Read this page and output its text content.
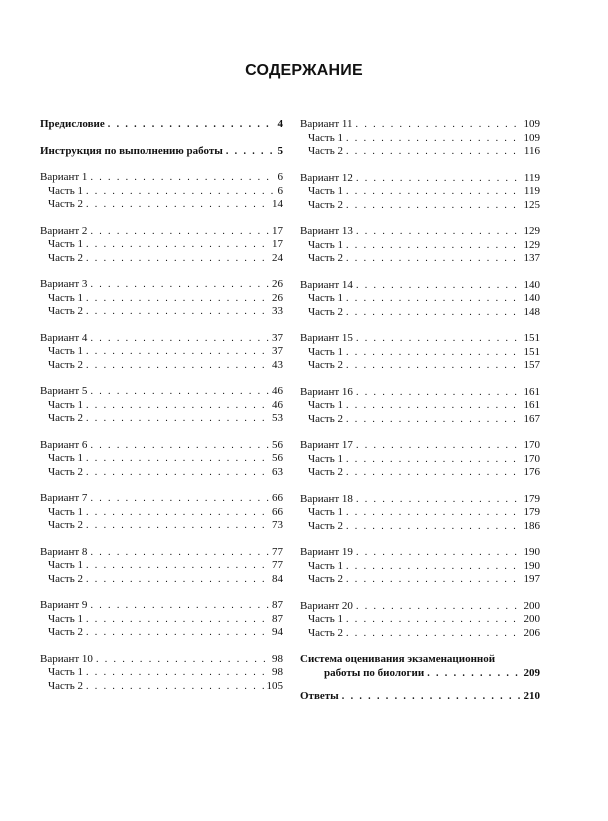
СОДЕРЖАНИЕ
Предисловие . . .	4
Инструкция по выполнению работы . . .	5
Вариант 1 . . .	6
Часть 1 . . .	6
Часть 2 . . .	14
Вариант 2 . . .	17
Часть 1 . . .	17
Часть 2 . . .	24
Вариант 3 . . .	26
Часть 1 . . .	26
Часть 2 . . .	33
Вариант 4 . . .	37
Часть 1 . . .	37
Часть 2 . . .	43
Вариант 5 . . .	46
Часть 1 . . .	46
Часть 2 . . .	53
Вариант 6 . . .	56
Часть 1 . . .	56
Часть 2 . . .	63
Вариант 7 . . .	66
Часть 1 . . .	66
Часть 2 . . .	73
Вариант 8 . . .	77
Часть 1 . . .	77
Часть 2 . . .	84
Вариант 9 . . .	87
Часть 1 . . .	87
Часть 2 . . .	94
Вариант 10 . . .	98
Часть 1 . . .	98
Часть 2 . . .	105
Вариант 11 . . .	109
Часть 1 . . .	109
Часть 2 . . .	116
Вариант 12 . . .	119
Часть 1 . . .	119
Часть 2 . . .	125
Вариант 13 . . .	129
Часть 1 . . .	129
Часть 2 . . .	137
Вариант 14 . . .	140
Часть 1 . . .	140
Часть 2 . . .	148
Вариант 15 . . .	151
Часть 1 . . .	151
Часть 2 . . .	157
Вариант 16 . . .	161
Часть 1 . . .	161
Часть 2 . . .	167
Вариант 17 . . .	170
Часть 1 . . .	170
Часть 2 . . .	176
Вариант 18 . . .	179
Часть 1 . . .	179
Часть 2 . . .	186
Вариант 19 . . .	190
Часть 1 . . .	190
Часть 2 . . .	197
Вариант 20 . . .	200
Часть 1 . . .	200
Часть 2 . . .	206
Система оценивания экзаменационной
работы по биологии . . .	209
Ответы . . .	210
